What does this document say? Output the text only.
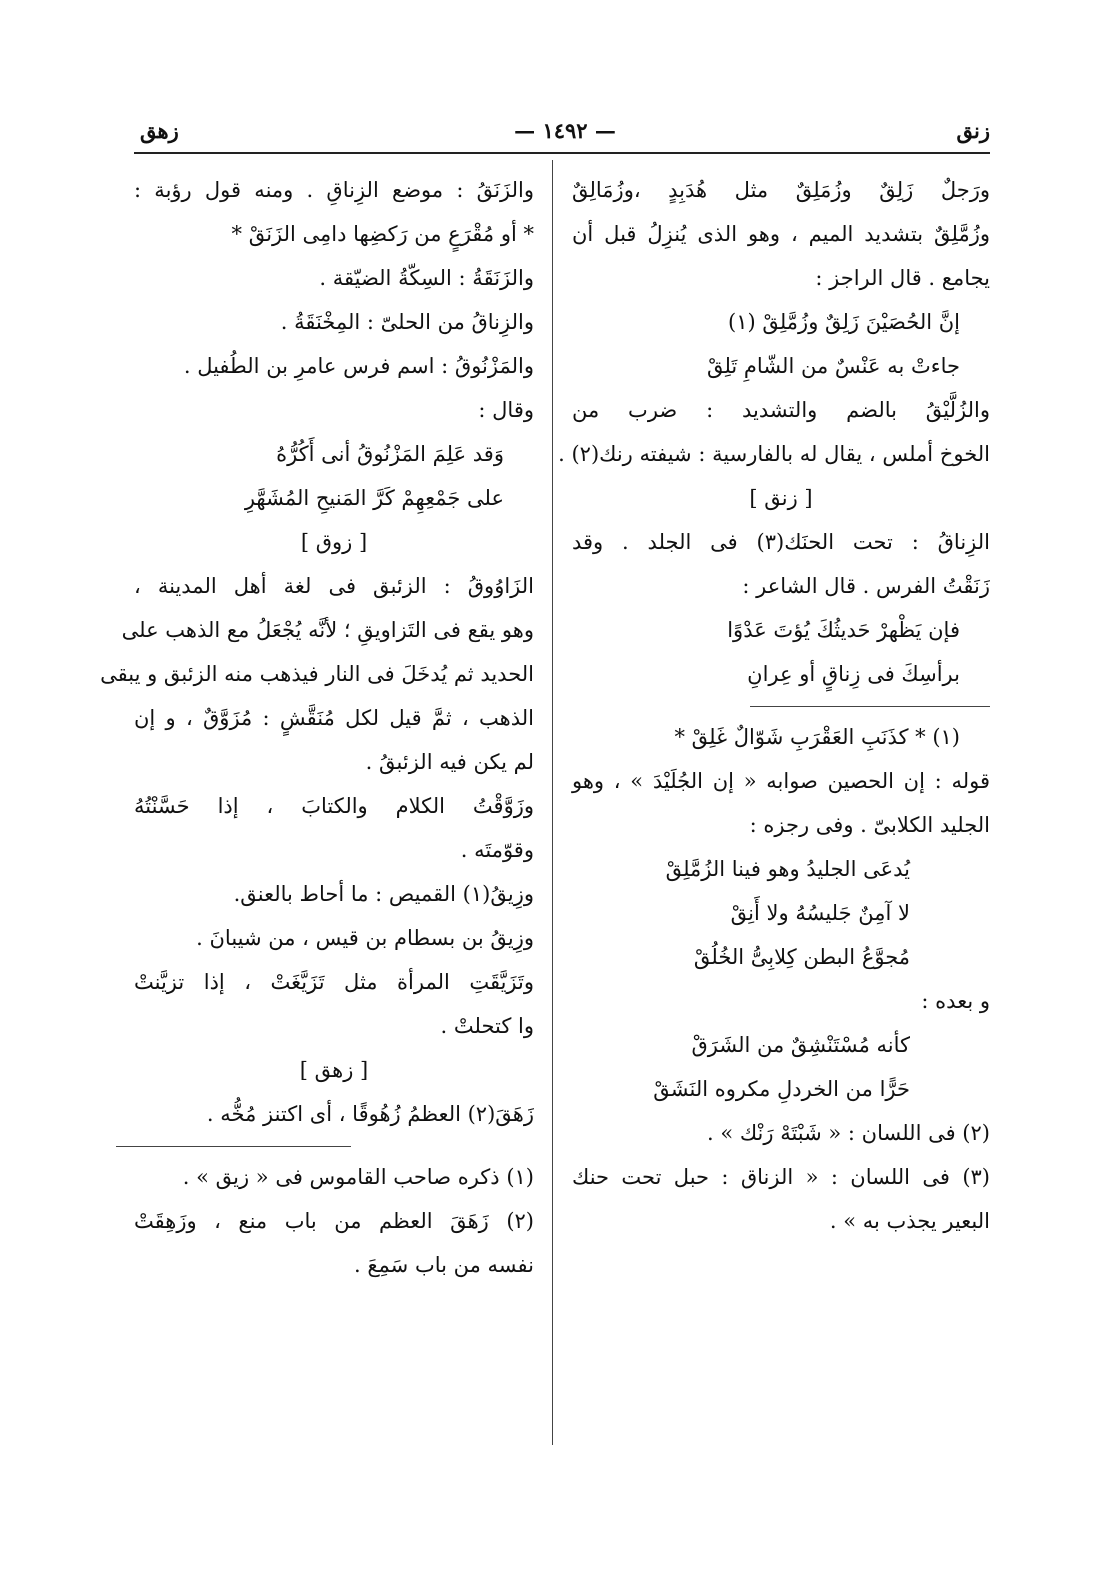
زنق
— ١٤٩٢ —
زهق

ورَجلٌ زَلِقٌ وزُمَلِقٌ مثل هُدَبِدٍ ،وزُمَالِقٌ

وزُمَّلِقٌ بتشديد الميم ، وهو الذى يُنزِلُ قبل أن

يجامع . قال الراجز :

إنَّ الحُصَيْنَ زَلِقٌ وزُمَّلِقْ (١)

جاءتْ به عَنْسٌ من الشّامِ تَلِقْ

والزُلَّيْقُ بالضم والتشديد : ضرب من

الخوخ أملس ، يقال له بالفارسية : شيفته رنك(٢) .

[ زنق ]

الزِناقُ : تحت الحنَك(٣) فى الجلد . وقد

زَنَقْتُ الفرس . قال الشاعر :

فإن يَظْهرْ حَديثُكَ يُؤتَ عَدْوًا

برأسِكَ فى زِناقٍ أو عِرانِ

(١) * كذَنَبِ العَقْرَبِ شَوّالٌ غَلِقْ *

قوله : إن الحصين صوابه « إن الجُلَيْدَ » ، وهو

الجليد الكلابىّ . وفى رجزه :

يُدعَى الجليدُ وهو فينا الزُمَّلِقْ

لا آمِنٌ جَليسُهُ ولا أَنِقْ

مُجوَّعُ البطن كِلابِىُّ الخُلُقْ

و بعده :

كأنه مُسْتَنْشِقٌ من الشَرَقْ

حَرًّا من الخردلِ مكروه النَشَقْ

(٢) فى اللسان : « شَبْتَهْ رَنْك » .

(٣) فى اللسان : « الزناق : حبل تحت حنك

البعير يجذب به » .

والزَنَقُ : موضع الزِناقِ . ومنه قول رؤبة :

* أو مُقْرَعٍ من رَكضِها دامِى الزَنَقْ *

والزَنَقَةُ : السِكّةُ الضيّقة .

والزِناقُ من الحلىّ : المِخْنَقَةُ .

والمَزْنُوقُ : اسم فرس عامرِ بن الطُفيل .

وقال :

وَقد عَلِمَ المَزْنُوقُ أنى أَكُرُّهُ

على جَمْعِهِمْ كَرَّ المَنيحِ المُشَهَّرِ

[ زوق ]

الزَاوُوقُ : الزئبق فى لغة أهل المدينة ،

وهو يقع فى التَزاويقِ ؛ لأنَّه يُجْعَلُ مع الذهب على

الحديد ثم يُدخَلَ فى النار فيذهب منه الزئبق و يبقى

الذهب ، ثمَّ قيل لكل مُنَقَّشٍ : مُزَوَّقٌ ، و إن

لم يكن فيه الزئبقُ .

وزَوَّقْتُ الكلام والكتابَ ، إذا حَسَّنْتُهُ

وقوّمتَه .

وزِيقُ(١) القميص : ما أحاط بالعنق.

وزِيقُ بن بسطام بن قيس ، من شيبانَ .

وتَزَيَّقَتِ المرأة مثل تَزَيَّغَتْ ، إذا تزيَّنتْ

وا كتحلتْ .

[ زهق ]

زَهَقَ(٢) العظمُ زُهُوقًا ، أى اكتنز مُخُّه .

(١) ذكره صاحب القاموس فى « زيق » .

(٢) زَهَقَ العظم من باب منع ، وزَهِقَتْ

نفسه من باب سَمِعَ .
